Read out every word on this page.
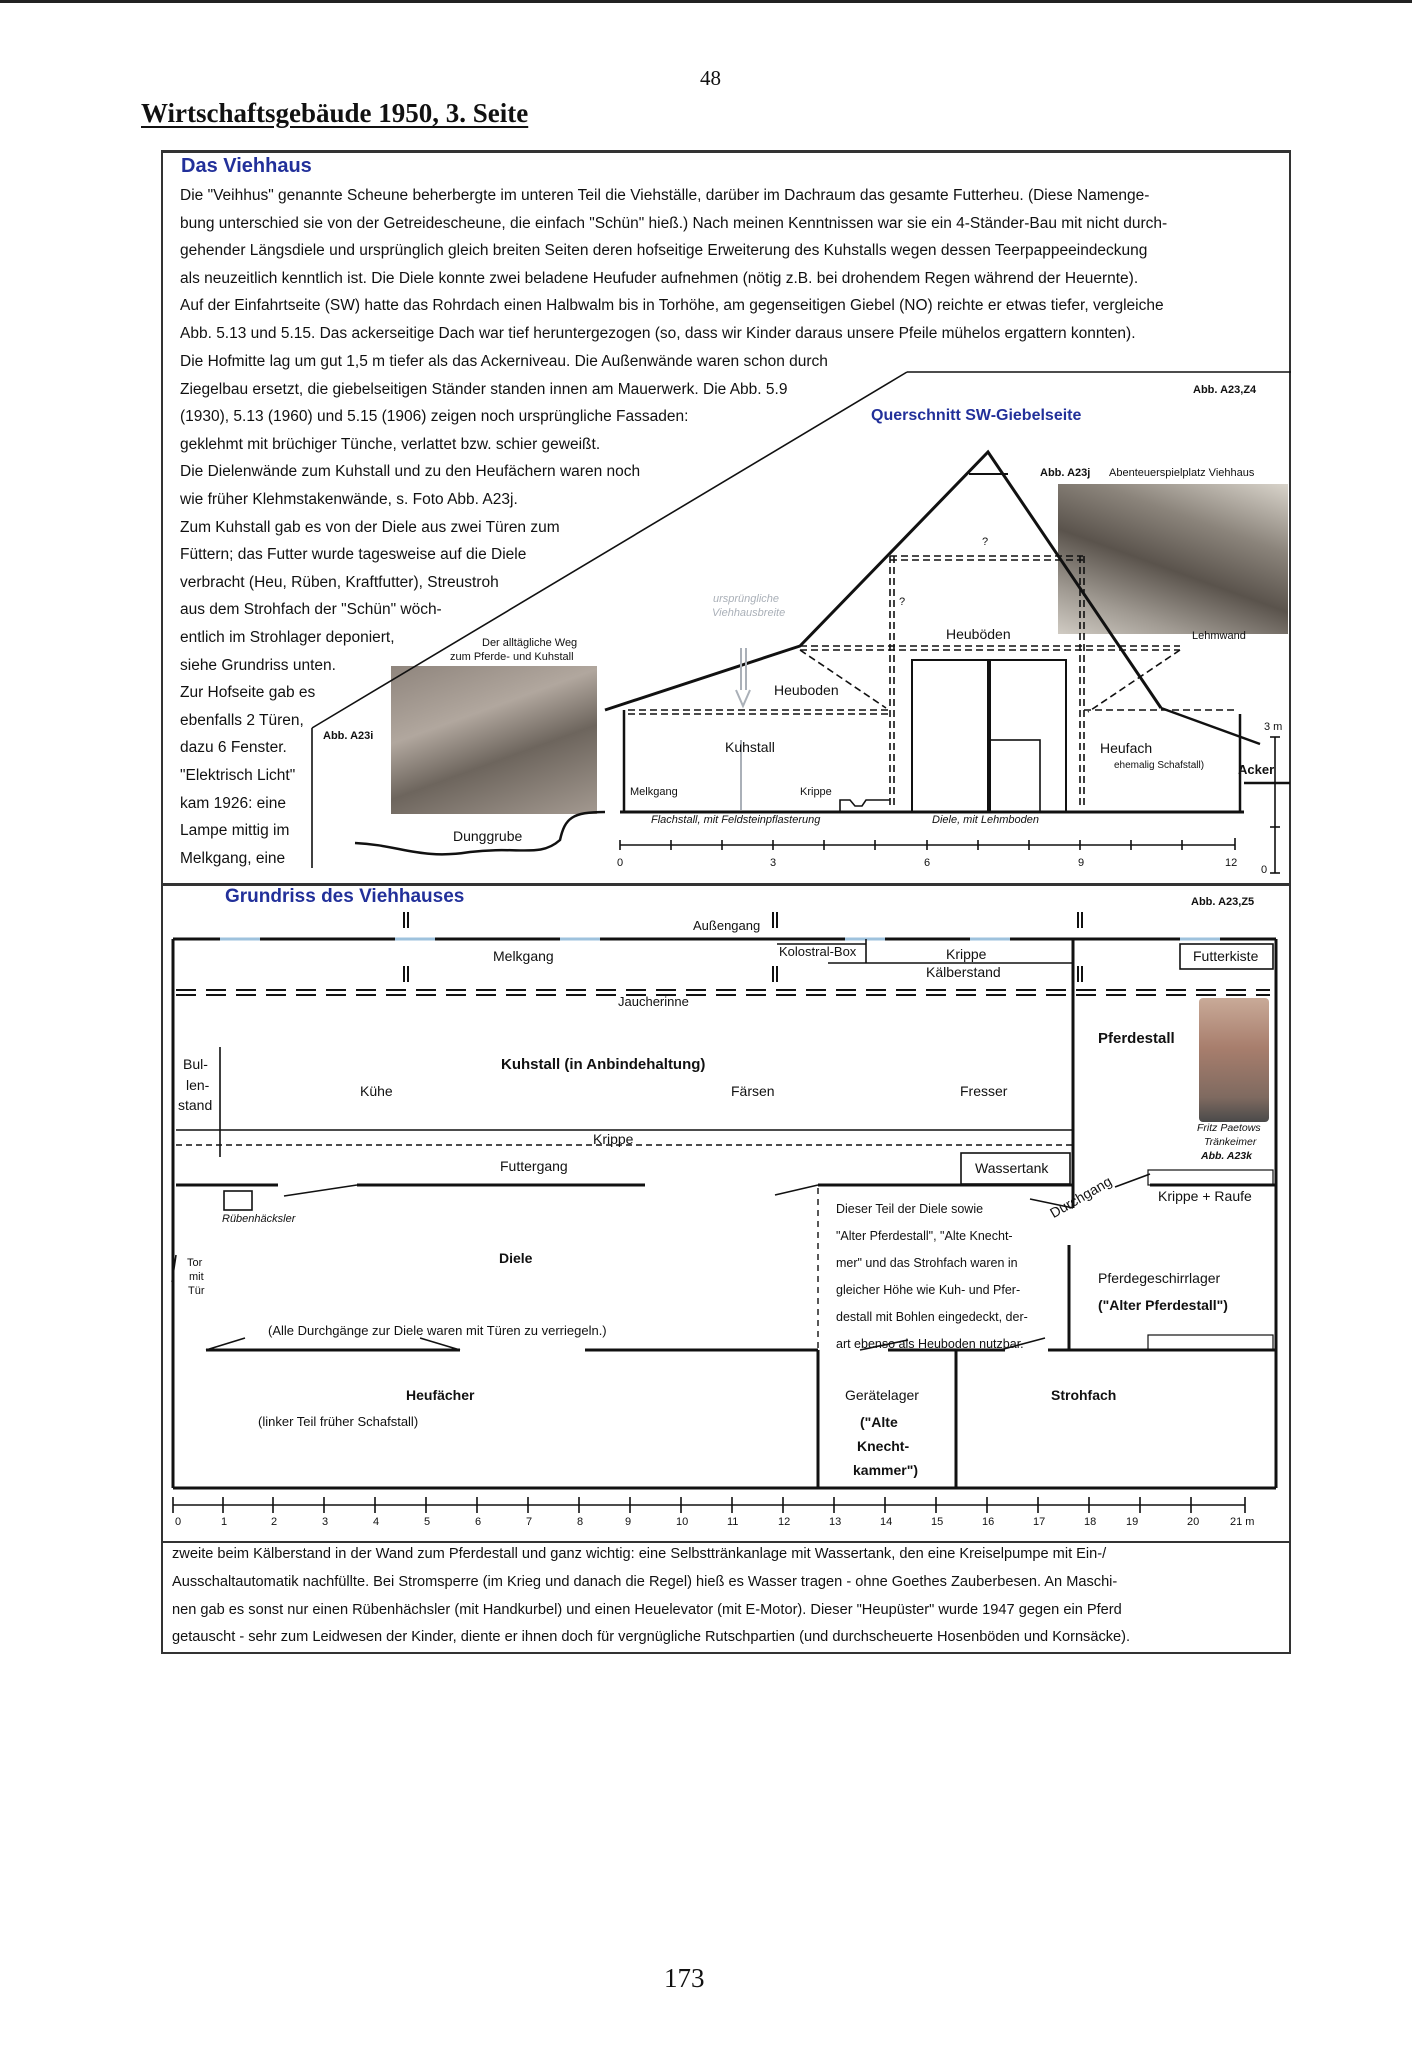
48
Wirtschaftsgebäude 1950, 3. Seite
Das Viehhaus
Die "Veihhus" genannte Scheune beherbergte im unteren Teil die Viehställe, darüber im Dachraum das gesamte Futterheu. (Diese Namenge-
bung unterschied sie von der Getreidescheune, die einfach "Schün" hieß.) Nach meinen Kenntnissen war sie ein 4-Ständer-Bau mit nicht durch-
gehender Längsdiele und ursprünglich gleich breiten Seiten deren hofseitige Erweiterung des Kuhstalls wegen dessen Teerpappeeindeckung
als neuzeitlich kenntlich ist. Die Diele konnte zwei beladene Heufuder aufnehmen (nötig z.B. bei drohendem Regen während der Heuernte).
Auf der Einfahrtseite (SW) hatte das Rohrdach einen Halbwalm bis in Torhöhe, am gegenseitigen Giebel (NO) reichte er etwas tiefer, vergleiche
Abb. 5.13 und 5.15. Das ackerseitige Dach war tief heruntergezogen (so, dass wir Kinder daraus unsere Pfeile mühelos ergattern konnten).
Die Hofmitte lag um gut 1,5 m tiefer als das Ackerniveau. Die Außenwände waren schon durch
Ziegelbau ersetzt, die giebelseitigen Ständer standen innen am Mauerwerk. Die Abb. 5.9
(1930), 5.13 (1960) und 5.15 (1906) zeigen noch ursprüngliche Fassaden:
geklehmt mit brüchiger Tünche, verlattet bzw. schier geweißt.
Die Dielenwände zum Kuhstall und zu den Heufächern waren noch
wie früher Klehmstakenwände, s. Foto Abb. A23j.
Zum Kuhstall gab es von der Diele aus zwei Türen zum
Füttern; das Futter wurde tagesweise auf die Diele
verbracht (Heu, Rüben, Kraftfutter), Streustroh
aus dem Strohfach der "Schün" wöch-
entlich im Strohlager deponiert,
siehe Grundriss unten.
Zur Hofseite gab es
ebenfalls 2 Türen,
dazu 6 Fenster.
"Elektrisch Licht"
kam 1926: eine
Lampe mittig im
Melkgang, eine
Der alltägliche Weg
zum Pferde- und Kuhstall
Abb. A23i
Abb. A23,Z4
Querschnitt SW-Giebelseite
Abb. A23j Abenteuerspielplatz Viehhaus
?
?
ursprüngliche
Viehhausbreite
Heuböden	Lehmwand
Heuboden
Kuhstall
Melkgang	Krippe
Heufach
ehemalig Schafstall)	Acker
Dunggrube
Flachstall, mit Feldsteinpflasterung	Diele, mit Lehmboden
0	3	6	9	12
3 m
0
Grundriss des Viehhauses	Abb. A23,Z5
Außengang
Melkgang	Kolostral-Box	Krippe
Kälberstand
Futterkiste
Jaucherinne
Bul-
len-
stand
Kuhstall (in Anbindehaltung)
Kühe	Färsen	Fresser
Pferdestall
Fritz Paetows
Tränkeimer
Abb. A23k
Krippe
Futtergang	Wassertank
Rübenhäcksler
Tor
mit
Tür
Diele
Durchgang	Krippe + Raufe
Dieser Teil der Diele sowie
"Alter Pferdestall", "Alte Knecht-
mer" und das Strohfach waren in
gleicher Höhe wie Kuh- und Pfer-
destall mit Bohlen eingedeckt, der-
art ebenso als Heuboden nutzbar.
Pferdegeschirrlager
("Alter Pferdestall")
(Alle Durchgänge zur Diele waren mit Türen zu verriegeln.)
Heufächer
(linker Teil früher Schafstall)
Gerätelager
("Alte
Knecht-
kammer")
Strohfach
0	1	2	3	4	5	6	7	8	9	10	11	12	13	14	15	16	17	18	19	20	21 m
zweite beim Kälberstand in der Wand zum Pferdestall und ganz wichtig: eine Selbsttränkanlage mit Wassertank, den eine Kreiselpumpe mit Ein-/
Ausschaltautomatik nachfüllte. Bei Stromsperre (im Krieg und danach die Regel) hieß es Wasser tragen - ohne Goethes Zauberbesen. An Maschi-
nen gab es sonst nur einen Rübenhächsler (mit Handkurbel) und einen Heuelevator (mit E-Motor). Dieser "Heupüster" wurde 1947 gegen ein Pferd
getauscht - sehr zum Leidwesen der Kinder, diente er ihnen doch für vergnügliche Rutschpartien (und durchscheuerte Hosenböden und Kornsäcke).
173
